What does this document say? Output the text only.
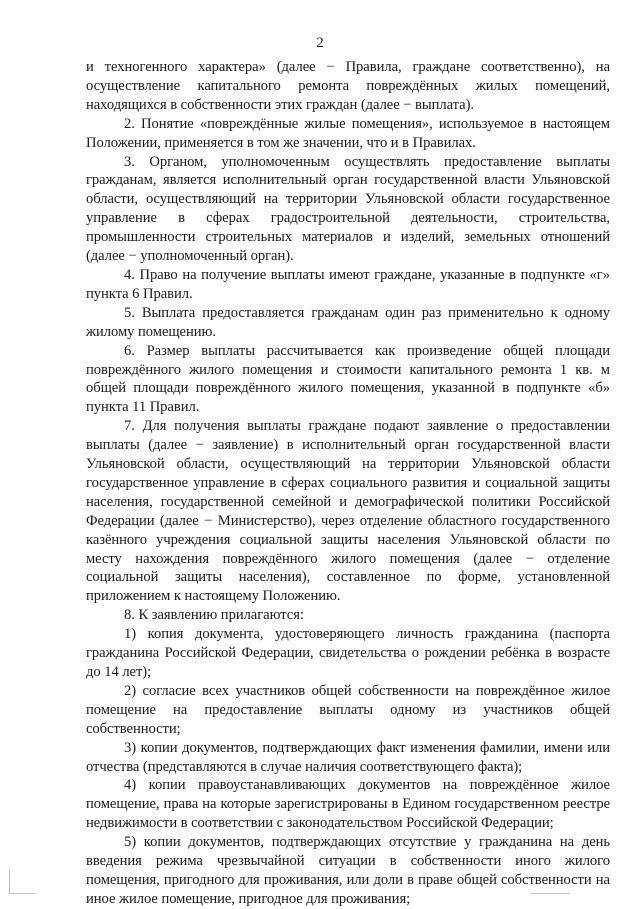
2

и техногенного характера» (далее − Правила, граждане соответственно), на осуществление капитального ремонта повреждённых жилых помещений, находящихся в собственности этих граждан (далее − выплата).

2. Понятие «повреждённые жилые помещения», используемое в настоящем Положении, применяется в том же значении, что и в Правилах.

3. Органом, уполномоченным осуществлять предоставление выплаты гражданам, является исполнительный орган государственной власти Ульяновской области, осуществляющий на территории Ульяновской области государственное управление в сферах градостроительной деятельности, строительства, промышленности строительных материалов и изделий, земельных отношений (далее − уполномоченный орган).

4. Право на получение выплаты имеют граждане, указанные в подпункте «г» пункта 6 Правил.

5. Выплата предоставляется гражданам один раз применительно к одному жилому помещению.

6. Размер выплаты рассчитывается как произведение общей площади повреждённого жилого помещения и стоимости капитального ремонта 1 кв. м общей площади повреждённого жилого помещения, указанной в подпункте «б» пункта 11 Правил.

7. Для получения выплаты граждане подают заявление о предоставлении выплаты (далее − заявление) в исполнительный орган государственной власти Ульяновской области, осуществляющий на территории Ульяновской области государственное управление в сферах социального развития и социальной защиты населения, государственной семейной и демографической политики Российской Федерации (далее − Министерство), через отделение областного государственного казённого учреждения социальной защиты населения Ульяновской области по месту нахождения повреждённого жилого помещения (далее − отделение социальной защиты населения), составленное по форме, установленной приложением к настоящему Положению.

8. К заявлению прилагаются:

1) копия документа, удостоверяющего личность гражданина (паспорта гражданина Российской Федерации, свидетельства о рождении ребёнка в возрасте до 14 лет);

2) согласие всех участников общей собственности на повреждённое жилое помещение на предоставление выплаты одному из участников общей собственности;

3) копии документов, подтверждающих факт изменения фамилии, имени или отчества (представляются в случае наличия соответствующего факта);

4) копии правоустанавливающих документов на повреждённое жилое помещение, права на которые зарегистрированы в Едином государственном реестре недвижимости в соответствии с законодательством Российской Федерации;

5) копии документов, подтверждающих отсутствие у гражданина на день введения режима чрезвычайной ситуации в собственности иного жилого помещения, пригодного для проживания, или доли в праве общей собственности на иное жилое помещение, пригодное для проживания;
